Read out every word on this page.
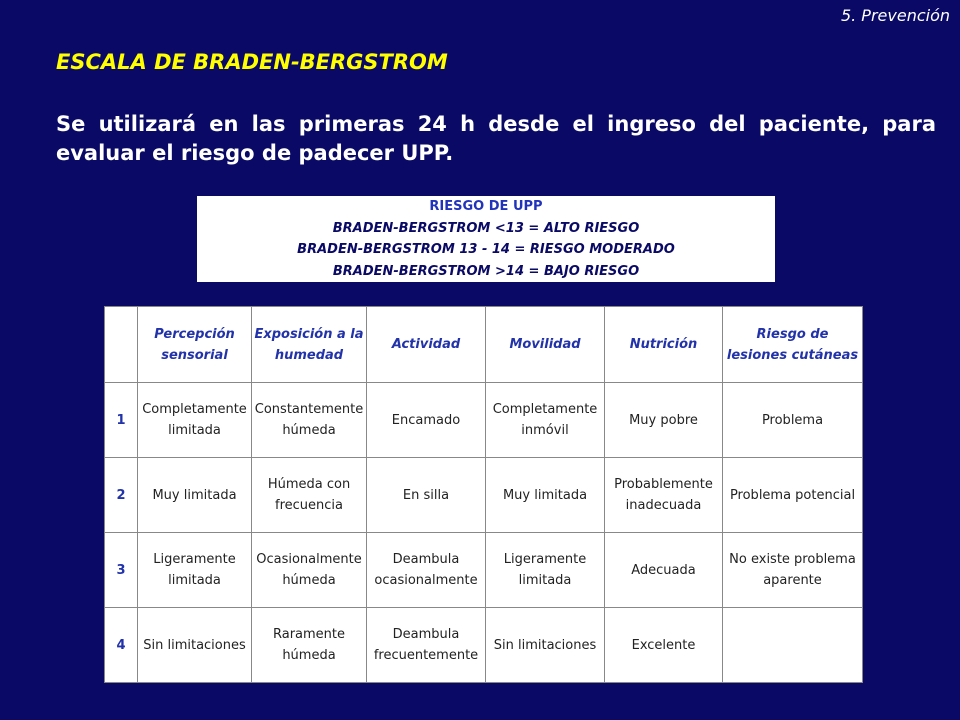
5. Prevención
ESCALA DE BRADEN-BERGSTROM
Se utilizará en las primeras 24 h desde el ingreso del paciente, para evaluar el riesgo de padecer UPP.
RIESGO DE UPP
BRADEN-BERGSTROM <13 = ALTO RIESGO
BRADEN-BERGSTROM 13 - 14 = RIESGO MODERADO
BRADEN-BERGSTROM >14 = BAJO RIESGO
	Percepción sensorial	Exposición a la humedad	Actividad	Movilidad	Nutrición	Riesgo de lesiones cutáneas
1	Completamente limitada	Constantemente húmeda	Encamado	Completamente inmóvil	Muy pobre	Problema
2	Muy limitada	Húmeda con frecuencia	En silla	Muy limitada	Probablemente inadecuada	Problema potencial
3	Ligeramente limitada	Ocasionalmente húmeda	Deambula ocasionalmente	Ligeramente limitada	Adecuada	No existe problema aparente
4	Sin limitaciones	Raramente húmeda	Deambula frecuentemente	Sin limitaciones	Excelente	
